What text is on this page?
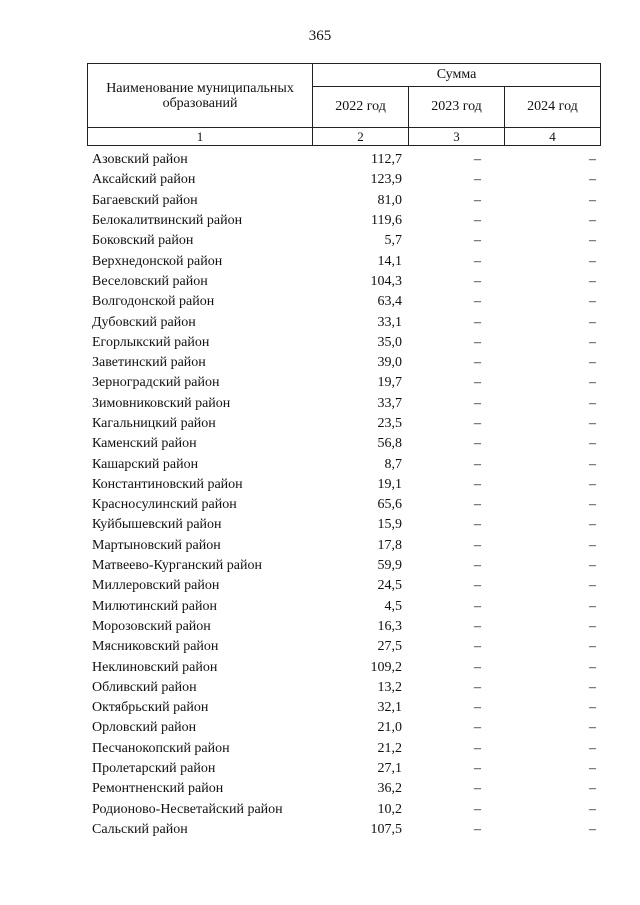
365
Наименование муниципальных образований	Сумма		
	2022 год	2023 год	2024 год
1	2	3	4
Азовский район	112,7	–	–
Аксайский район	123,9	–	–
Багаевский район	81,0	–	–
Белокалитвинский район	119,6	–	–
Боковский район	5,7	–	–
Верхнедонской район	14,1	–	–
Веселовский район	104,3	–	–
Волгодонской район	63,4	–	–
Дубовский район	33,1	–	–
Егорлыкский район	35,0	–	–
Заветинский район	39,0	–	–
Зерноградский район	19,7	–	–
Зимовниковский район	33,7	–	–
Кагальницкий район	23,5	–	–
Каменский район	56,8	–	–
Кашарский район	8,7	–	–
Константиновский район	19,1	–	–
Красносулинский район	65,6	–	–
Куйбышевский район	15,9	–	–
Мартыновский район	17,8	–	–
Матвеево-Курганский район	59,9	–	–
Миллеровский район	24,5	–	–
Милютинский район	4,5	–	–
Морозовский район	16,3	–	–
Мясниковский район	27,5	–	–
Неклиновский район	109,2	–	–
Обливский район	13,2	–	–
Октябрьский район	32,1	–	–
Орловский район	21,0	–	–
Песчанокопский район	21,2	–	–
Пролетарский район	27,1	–	–
Ремонтненский район	36,2	–	–
Родионово-Несветайский район	10,2	–	–
Сальский район	107,5	–	–
